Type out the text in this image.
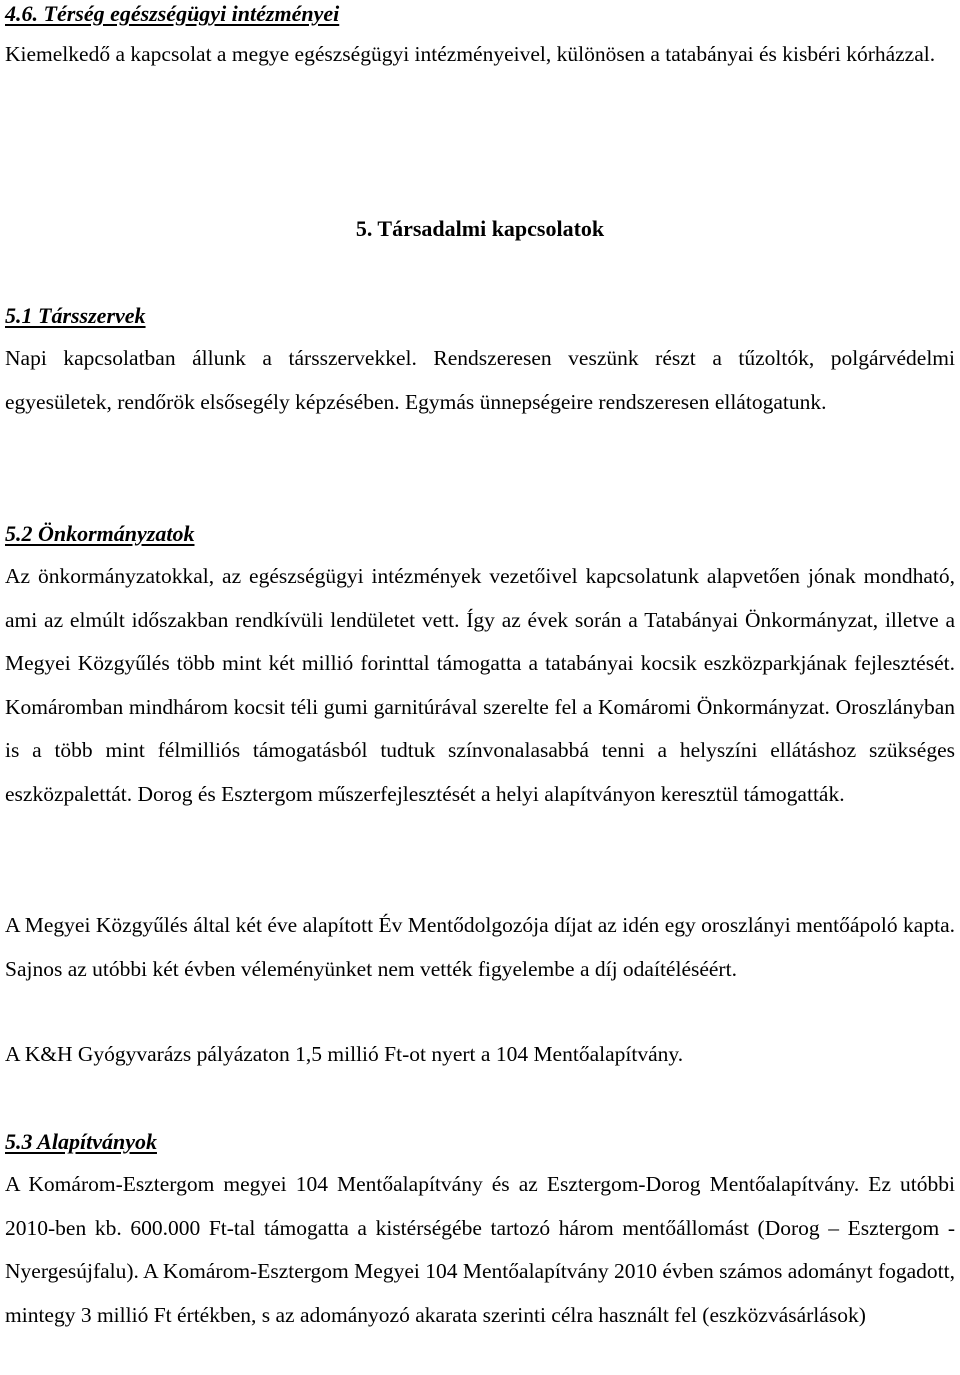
4.6. Térség egészségügyi intézményei
Kiemelkedő a kapcsolat a megye egészségügyi intézményeivel, különösen a tatabányai és kisbéri kórházzal.
5. Társadalmi kapcsolatok
5.1 Társszervek
Napi kapcsolatban állunk a társszervekkel. Rendszeresen veszünk részt a tűzoltók, polgárvédelmi egyesületek, rendőrök elsősegély képzésében. Egymás ünnepségeire rendszeresen ellátogatunk.
5.2 Önkormányzatok
Az önkormányzatokkal, az egészségügyi intézmények vezetőivel kapcsolatunk alapvetően jónak mondható, ami az elmúlt időszakban rendkívüli lendületet vett. Így az évek során a Tatabányai Önkormányzat, illetve a Megyei Közgyűlés több mint két millió forinttal támogatta a tatabányai kocsik eszközparkjának fejlesztését. Komáromban mindhárom kocsit téli gumi garnitúrával szerelte fel a Komáromi Önkormányzat. Oroszlányban is a több mint félmilliós támogatásból tudtuk színvonalasabbá tenni a helyszíni ellátáshoz szükséges eszközpalettát. Dorog és Esztergom műszerfejlesztését a helyi alapítványon keresztül támogatták.
A Megyei Közgyűlés által két éve alapított Év Mentődolgozója díjat az idén egy oroszlányi mentőápoló kapta. Sajnos az utóbbi két évben véleményünket nem vették figyelembe a díj odaítéléséért.
A K&H Gyógyvarázs pályázaton 1,5 millió Ft-ot nyert a 104 Mentőalapítvány.
5.3 Alapítványok
A Komárom-Esztergom megyei 104 Mentőalapítvány és az Esztergom-Dorog Mentőalapítvány. Ez utóbbi 2010-ben kb. 600.000 Ft-tal támogatta a kistérségébe tartozó három mentőállomást (Dorog – Esztergom - Nyergesújfalu). A Komárom-Esztergom Megyei 104 Mentőalapítvány 2010 évben számos adományt fogadott, mintegy 3 millió Ft értékben, s az adományozó akarata szerinti célra használt fel (eszközvásárlások)
